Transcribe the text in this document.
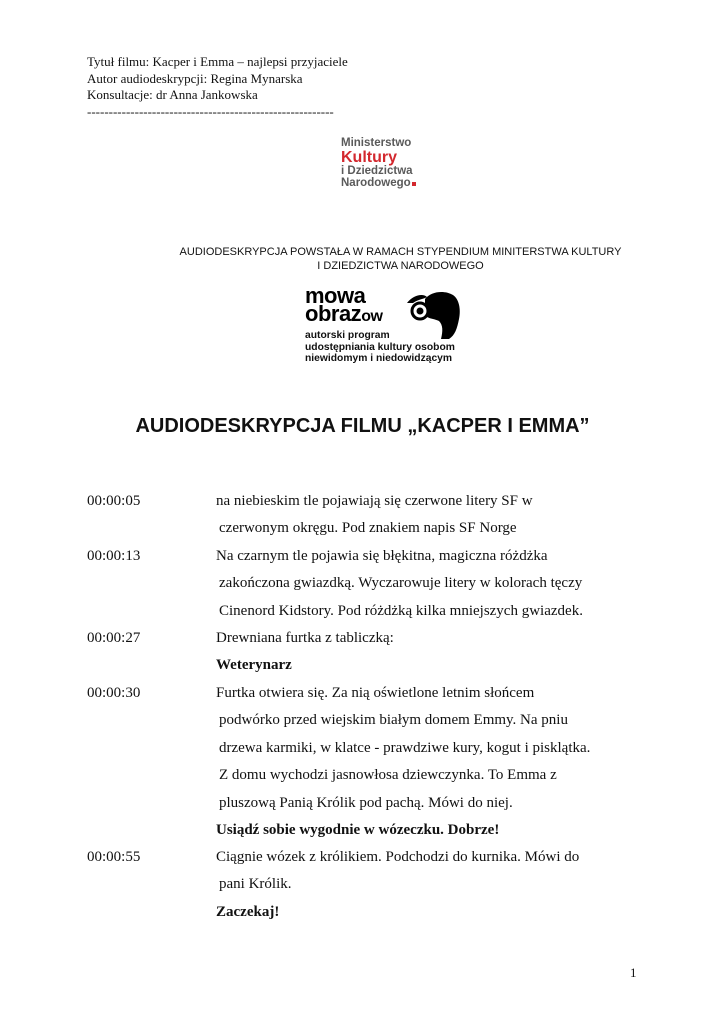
Tytuł filmu: Kacper i Emma – najlepsi przyjaciele
Autor audiodeskrypcji: Regina Mynarska
Konsultacje: dr Anna Jankowska
---------------------------------------------------------
Ministerstwo
Kultury
i Dziedzictwa
Narodowego
AUDIODESKRYPCJA POWSTAŁA W RAMACH STYPENDIUM MINITERSTWA KULTURY
I DZIEDZICTWA NARODOWEGO
mowa
obrazow
autorski program
udostępniania kultury osobom
niewidomym i niedowidzącym
AUDIODESKRYPCJA FILMU „KACPER I EMMA”
00:00:05	na niebieskim tle pojawiają się czerwone litery SF w
czerwonym okręgu. Pod znakiem napis SF Norge
00:00:13	Na czarnym tle pojawia się błękitna, magiczna różdżka
zakończona gwiazdką. Wyczarowuje litery w kolorach tęczy
Cinenord Kidstory. Pod różdżką kilka mniejszych gwiazdek.
00:00:27	Drewniana furtka z tabliczką:
Weterynarz
00:00:30	Furtka otwiera się. Za nią oświetlone letnim słońcem
podwórko przed wiejskim białym domem Emmy. Na pniu
drzewa karmiki, w klatce - prawdziwe kury, kogut i pisklątka.
Z domu wychodzi jasnowłosa dziewczynka. To Emma z
pluszową Panią Królik pod pachą. Mówi do niej.
Usiądź sobie wygodnie w wózeczku. Dobrze!
00:00:55	Ciągnie wózek z królikiem. Podchodzi do kurnika. Mówi do
pani Królik.
Zaczekaj!
1
